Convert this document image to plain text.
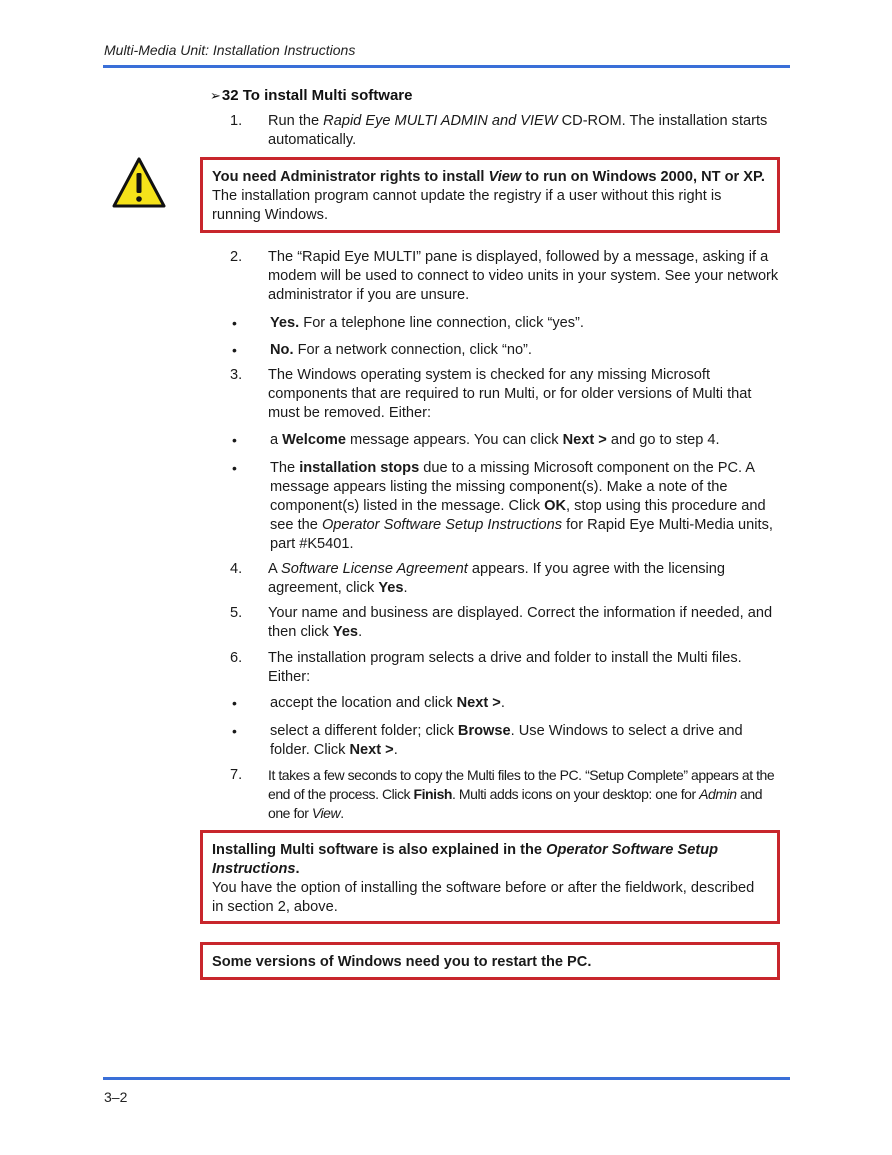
Multi-Media Unit: Installation Instructions
➢32 To install Multi software
1. Run the Rapid Eye MULTI ADMIN and VIEW CD-ROM. The installation starts automatically.
You need Administrator rights to install View to run on Windows 2000, NT or XP.
The installation program cannot update the registry if a user without this right is running Windows.
2. The “Rapid Eye MULTI” pane is displayed, followed by a message, asking if a modem will be used to connect to video units in your system. See your network administrator if you are unsure.
• Yes. For a telephone line connection, click “yes”.
• No. For a network connection, click “no”.
3. The Windows operating system is checked for any missing Microsoft components that are required to run Multi, or for older versions of Multi that must be removed. Either:
• a Welcome message appears. You can click Next > and go to step 4.
• The installation stops due to a missing Microsoft component on the PC. A message appears listing the missing component(s). Make a note of the component(s) listed in the message. Click OK, stop using this procedure and see the Operator Software Setup Instructions for Rapid Eye Multi-Media units, part #K5401.
4. A Software License Agreement appears. If you agree with the licensing agreement, click Yes.
5. Your name and business are displayed. Correct the information if needed, and then click Yes.
6. The installation program selects a drive and folder to install the Multi files. Either:
• accept the location and click Next >.
• select a different folder; click Browse. Use Windows to select a drive and folder. Click Next >.
7. It takes a few seconds to copy the Multi files to the PC. “Setup Complete” appears at the end of the process. Click Finish. Multi adds icons on your desktop: one for Admin and one for View.
Installing Multi software is also explained in the Operator Software Setup Instructions.
You have the option of installing the software before or after the fieldwork, described in section 2, above.
Some versions of Windows need you to restart the PC.
3–2
